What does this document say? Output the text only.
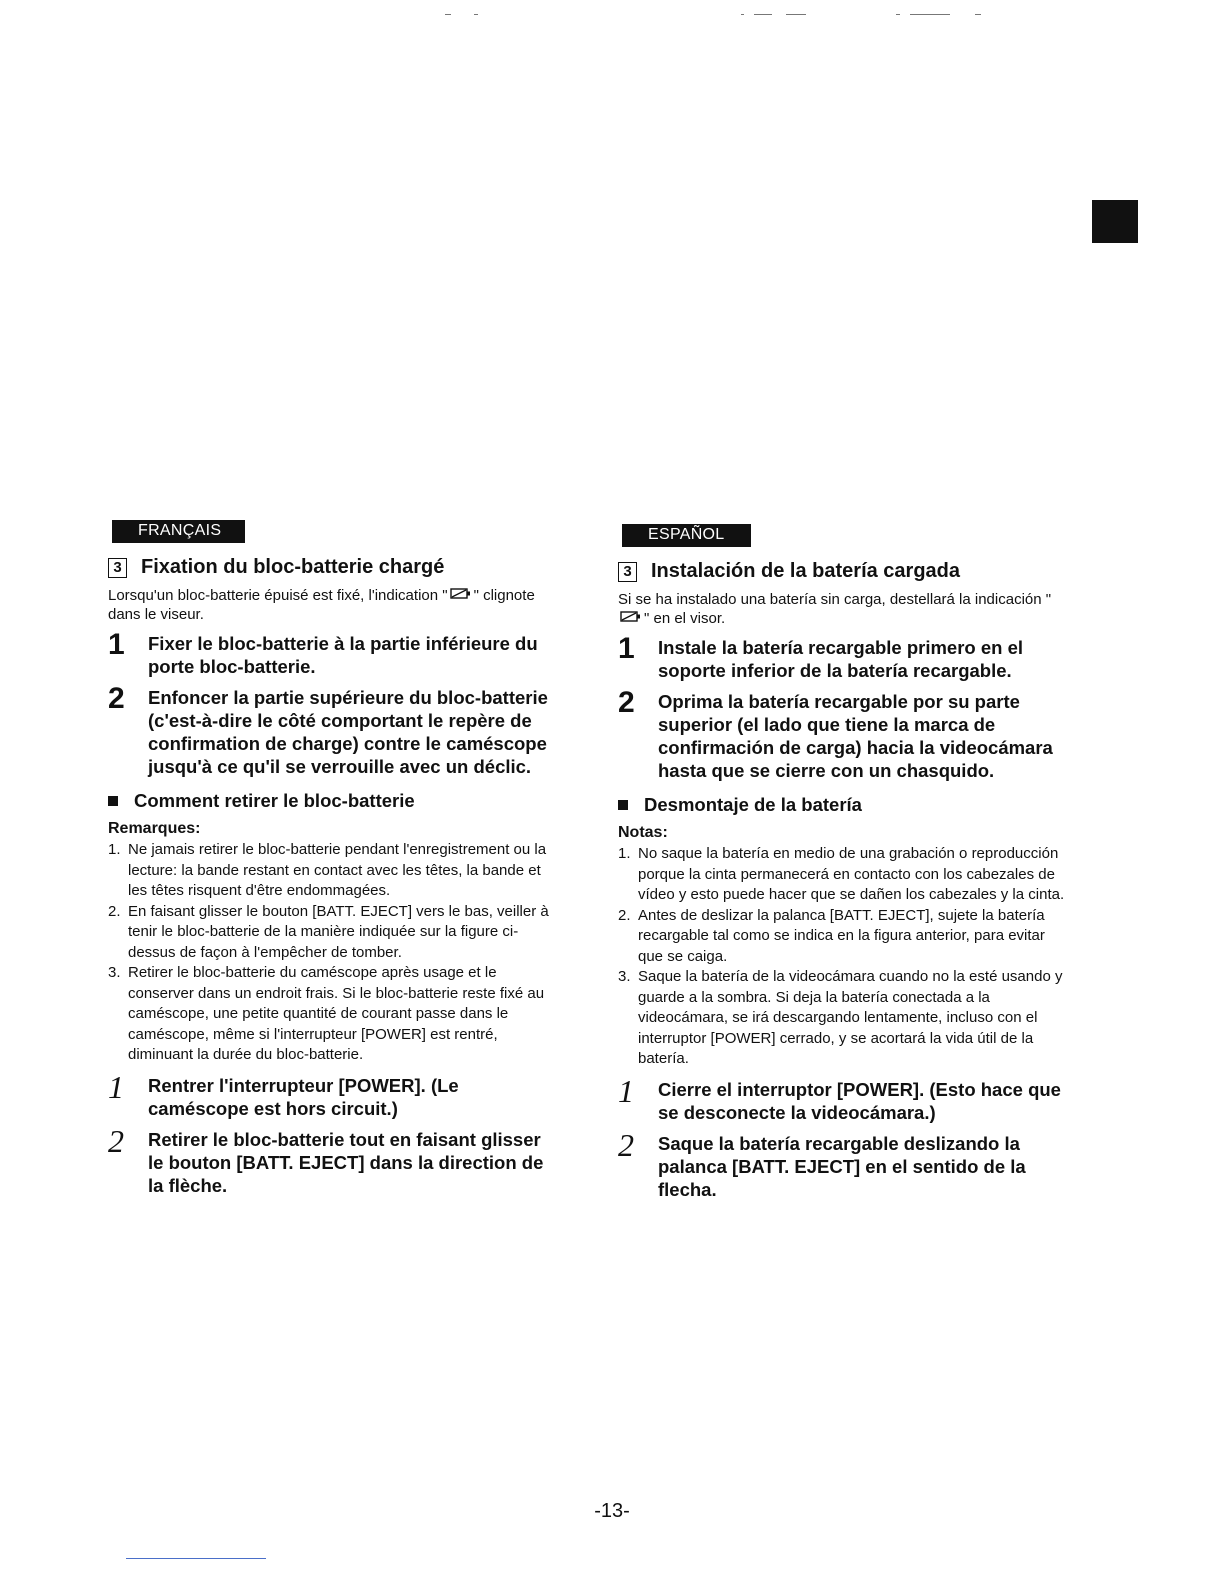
FRANÇAIS
3 Fixation du bloc-batterie chargé
Lorsqu'un bloc-batterie épuisé est fixé, l'indication " " clignote dans le viseur.
1	Fixer le bloc-batterie à la partie inférieure du porte bloc-batterie.
2	Enfoncer la partie supérieure du bloc-batterie (c'est-à-dire le côté comportant le repère de confirmation de charge) contre le caméscope jusqu'à ce qu'il se verrouille avec un déclic.
Comment retirer le bloc-batterie
Remarques:
1. Ne jamais retirer le bloc-batterie pendant l'enregistrement ou la lecture: la bande restant en contact avec les têtes, la bande et les têtes risquent d'être endommagées.
2. En faisant glisser le bouton [BATT. EJECT] vers le bas, veiller à tenir le bloc-batterie de la manière indiquée sur la figure ci-dessus de façon à l'empêcher de tomber.
3. Retirer le bloc-batterie du caméscope après usage et le conserver dans un endroit frais. Si le bloc-batterie reste fixé au caméscope, une petite quantité de courant passe dans le caméscope, même si l'interrupteur [POWER] est rentré, diminuant la durée du bloc-batterie.
1	Rentrer l'interrupteur [POWER]. (Le caméscope est hors circuit.)
2	Retirer le bloc-batterie tout en faisant glisser le bouton [BATT. EJECT] dans la direction de la flèche.
ESPAÑOL
3 Instalación de la batería cargada
Si se ha instalado una batería sin carga, destellará la indicación "" en el visor.
1	Instale la batería recargable primero en el soporte inferior de la batería recargable.
2	Oprima la batería recargable por su parte superior (el lado que tiene la marca de confirmación de carga) hacia la videocámara hasta que se cierre con un chasquido.
Desmontaje de la batería
Notas:
1. No saque la batería en medio de una grabación o reproducción porque la cinta permanecerá en contacto con los cabezales de vídeo y esto puede hacer que se dañen los cabezales y la cinta.
2. Antes de deslizar la palanca [BATT. EJECT], sujete la batería recargable tal como se indica en la figura anterior, para evitar que se caiga.
3. Saque la batería de la videocámara cuando no la esté usando y guarde a la sombra. Si deja la batería conectada a la videocámara, se irá descargando lentamente, incluso con el interruptor [POWER] cerrado, y se acortará la vida útil de la batería.
1	Cierre el interruptor [POWER]. (Esto hace que se desconecte la videocámara.)
2	Saque la batería recargable deslizando la palanca [BATT. EJECT] en el sentido de la flecha.
-13-
